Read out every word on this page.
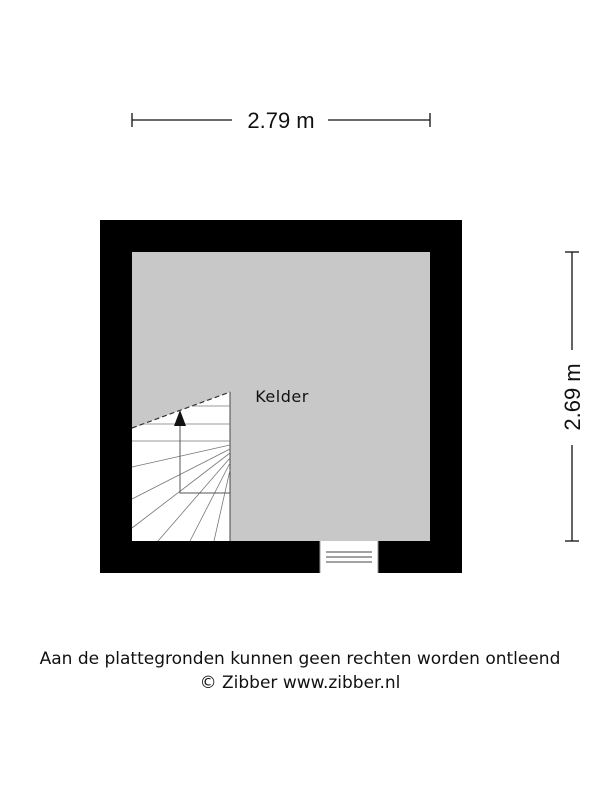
2.79 m
2.69 m
Kelder
Aan de plattegronden kunnen geen rechten worden ontleend
© Zibber www.zibber.nl
